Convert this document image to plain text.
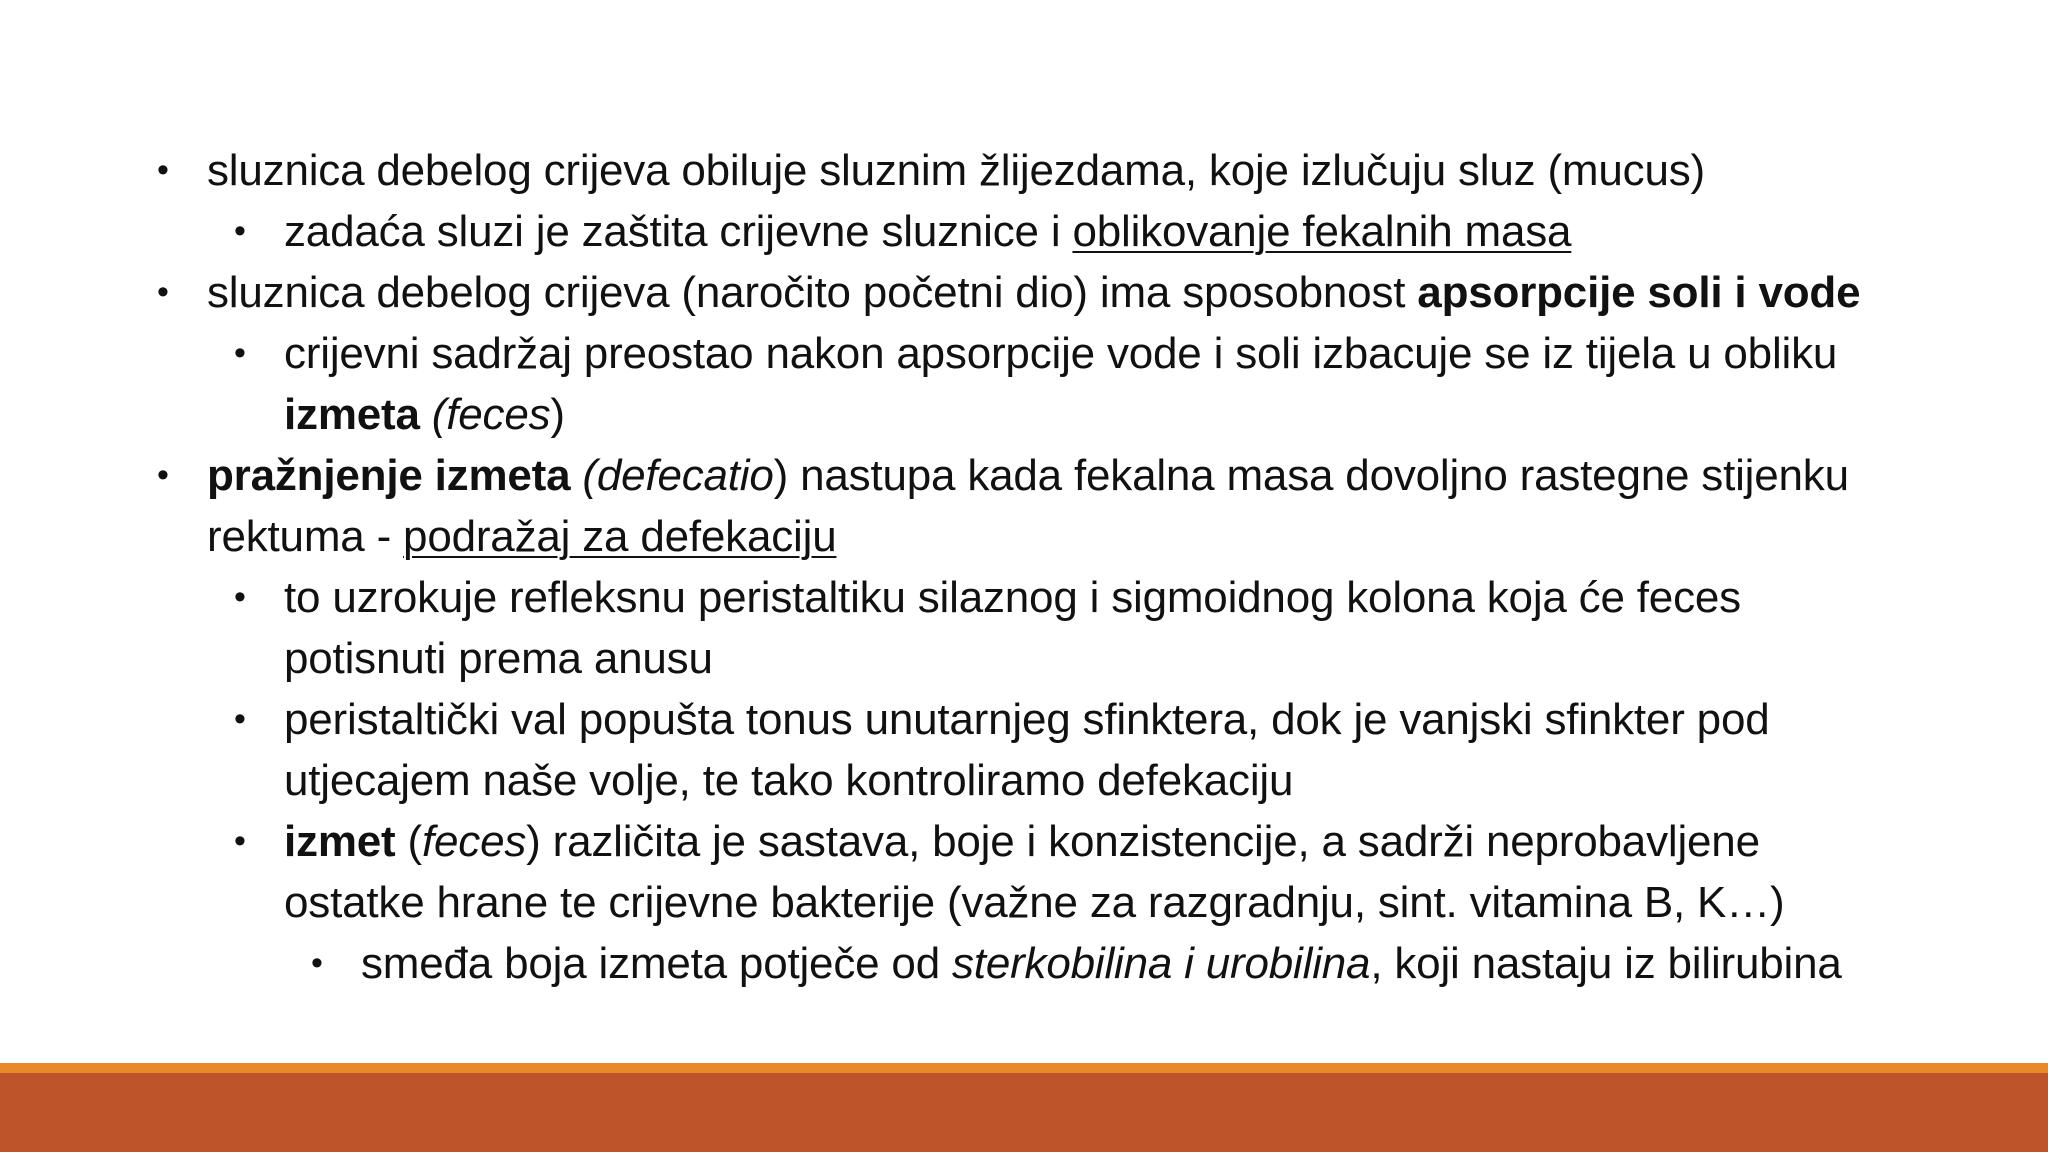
• sluznica debelog crijeva obiluje sluznim žlijezdama, koje izlučuju sluz (mucus)
• zadaća sluzi je zaštita crijevne sluznice i oblikovanje fekalnih masa
• sluznica debelog crijeva (naročito početni dio) ima sposobnost apsorpcije soli i vode
• crijevni sadržaj preostao nakon apsorpcije vode i soli izbacuje se iz tijela u obliku
izmeta (feces)
• pražnjenje izmeta (defecatio) nastupa kada fekalna masa dovoljno rastegne stijenku
rektuma - podražaj za defekaciju
• to uzrokuje refleksnu peristaltiku silaznog i sigmoidnog kolona koja će feces
potisnuti prema anusu
• peristaltički val popušta tonus unutarnjeg sfinktera, dok je vanjski sfinkter pod
utjecajem naše volje, te tako kontroliramo defekaciju
• izmet (feces) različita je sastava, boje i konzistencije, a sadrži neprobavljene
ostatke hrane te crijevne bakterije (važne za razgradnju, sint. vitamina B, K…)
• smeđa boja izmeta potječe od sterkobilina i urobilina, koji nastaju iz bilirubina
